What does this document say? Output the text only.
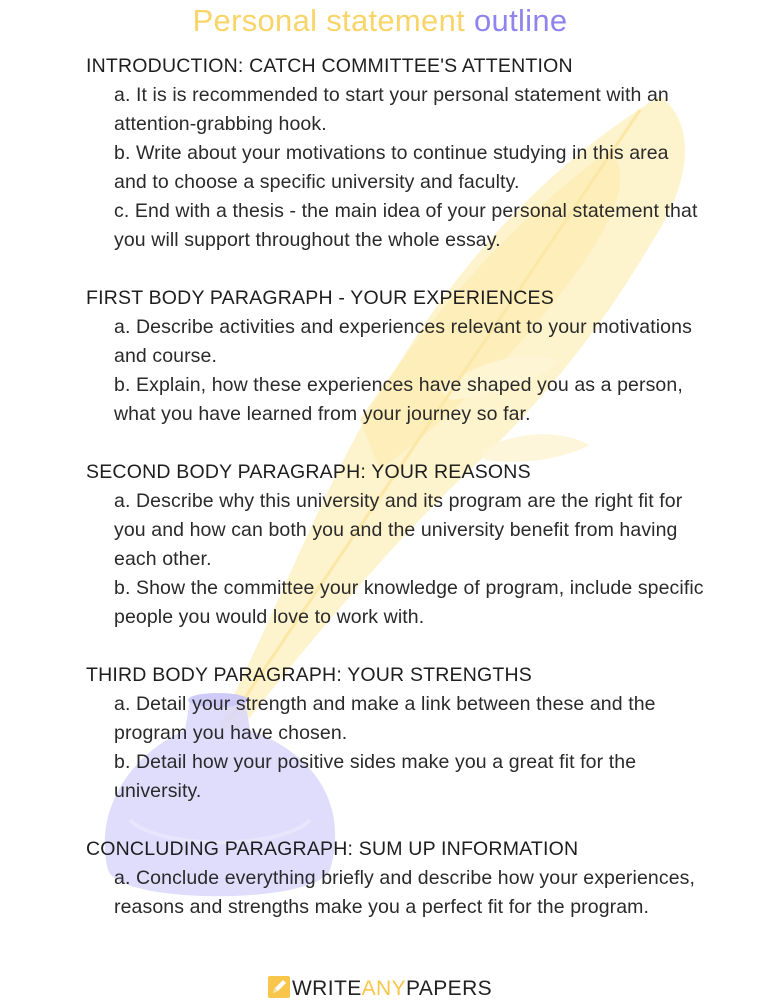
Personal statement outline
INTRODUCTION: CATCH COMMITTEE'S ATTENTION

a. It is is recommended to start your personal statement with an attention-grabbing hook.

b. Write about your motivations to continue studying in this area and to choose a specific university and faculty.

c. End with a thesis - the main idea of your personal statement that you will support throughout the whole essay.

FIRST BODY PARAGRAPH - YOUR EXPERIENCES

a. Describe activities and experiences relevant to your motivations and course.

b. Explain, how these experiences have shaped you as a person, what you have learned from your journey so far.

SECOND BODY PARAGRAPH: YOUR REASONS

a. Describe why this university and its program are the right fit for you and how can both you and the university benefit from having each other.

b. Show the committee your knowledge of program, include specific people you would love to work with.

THIRD BODY PARAGRAPH: YOUR STRENGTHS

a. Detail your strength and make a link between these and the program you have chosen.

b. Detail how your positive sides make you a great fit for the university.

CONCLUDING PARAGRAPH: SUM UP INFORMATION

a. Conclude everything briefly and describe how your experiences, reasons and strengths make you a perfect fit for the program.

WRITEANYPAPERS
